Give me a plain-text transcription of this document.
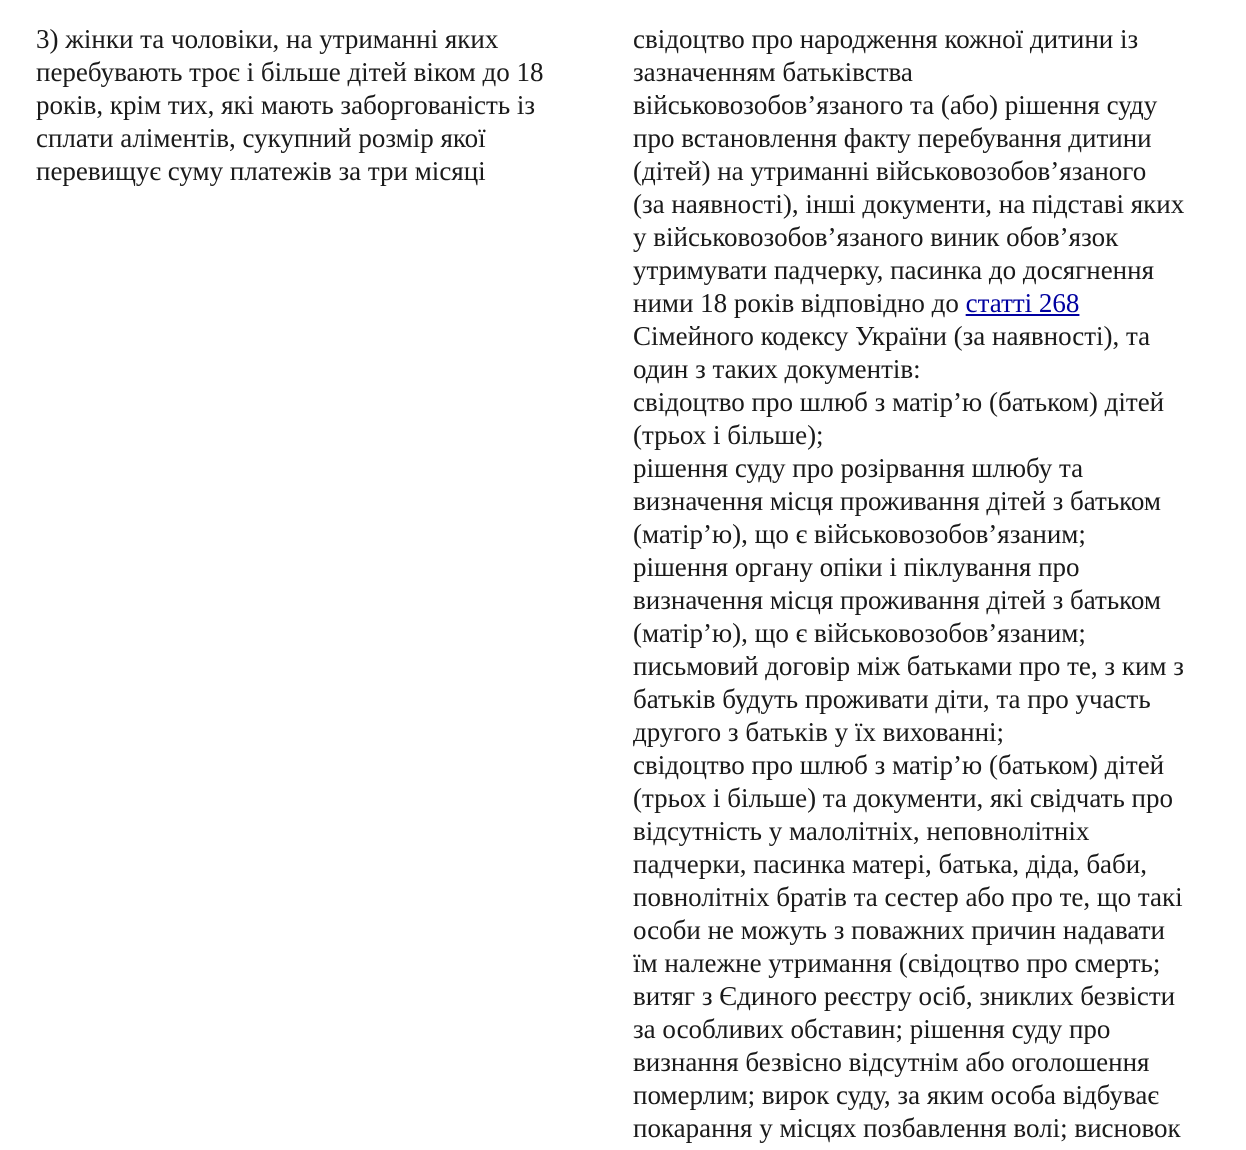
3) жінки та чоловіки, на утриманні яких
перебувають троє і більше дітей віком до 18
років, крім тих, які мають заборгованість із
сплати аліментів, сукупний розмір якої
перевищує суму платежів за три місяці
свідоцтво про народження кожної дитини із
зазначенням батьківства
військовозобов’язаного та (або) рішення суду
про встановлення факту перебування дитини
(дітей) на утриманні військовозобов’язаного
(за наявності), інші документи, на підставі яких
у військовозобов’язаного виник обов’язок
утримувати падчерку, пасинка до досягнення
ними 18 років відповідно до статті 268
Сімейного кодексу України (за наявності), та
один з таких документів:
свідоцтво про шлюб з матір’ю (батьком) дітей
(трьох і більше);
рішення суду про розірвання шлюбу та
визначення місця проживання дітей з батьком
(матір’ю), що є військовозобов’язаним;
рішення органу опіки і піклування про
визначення місця проживання дітей з батьком
(матір’ю), що є військовозобов’язаним;
письмовий договір між батьками про те, з ким з
батьків будуть проживати діти, та про участь
другого з батьків у їх вихованні;
свідоцтво про шлюб з матір’ю (батьком) дітей
(трьох і більше) та документи, які свідчать про
відсутність у малолітніх, неповнолітніх
падчерки, пасинка матері, батька, діда, баби,
повнолітніх братів та сестер або про те, що такі
особи не можуть з поважних причин надавати
їм належне утримання (свідоцтво про смерть;
витяг з Єдиного реєстру осіб, зниклих безвісти
за особливих обставин; рішення суду про
визнання безвісно відсутнім або оголошення
померлим; вирок суду, за яким особа відбуває
покарання у місцях позбавлення волі; висновок
